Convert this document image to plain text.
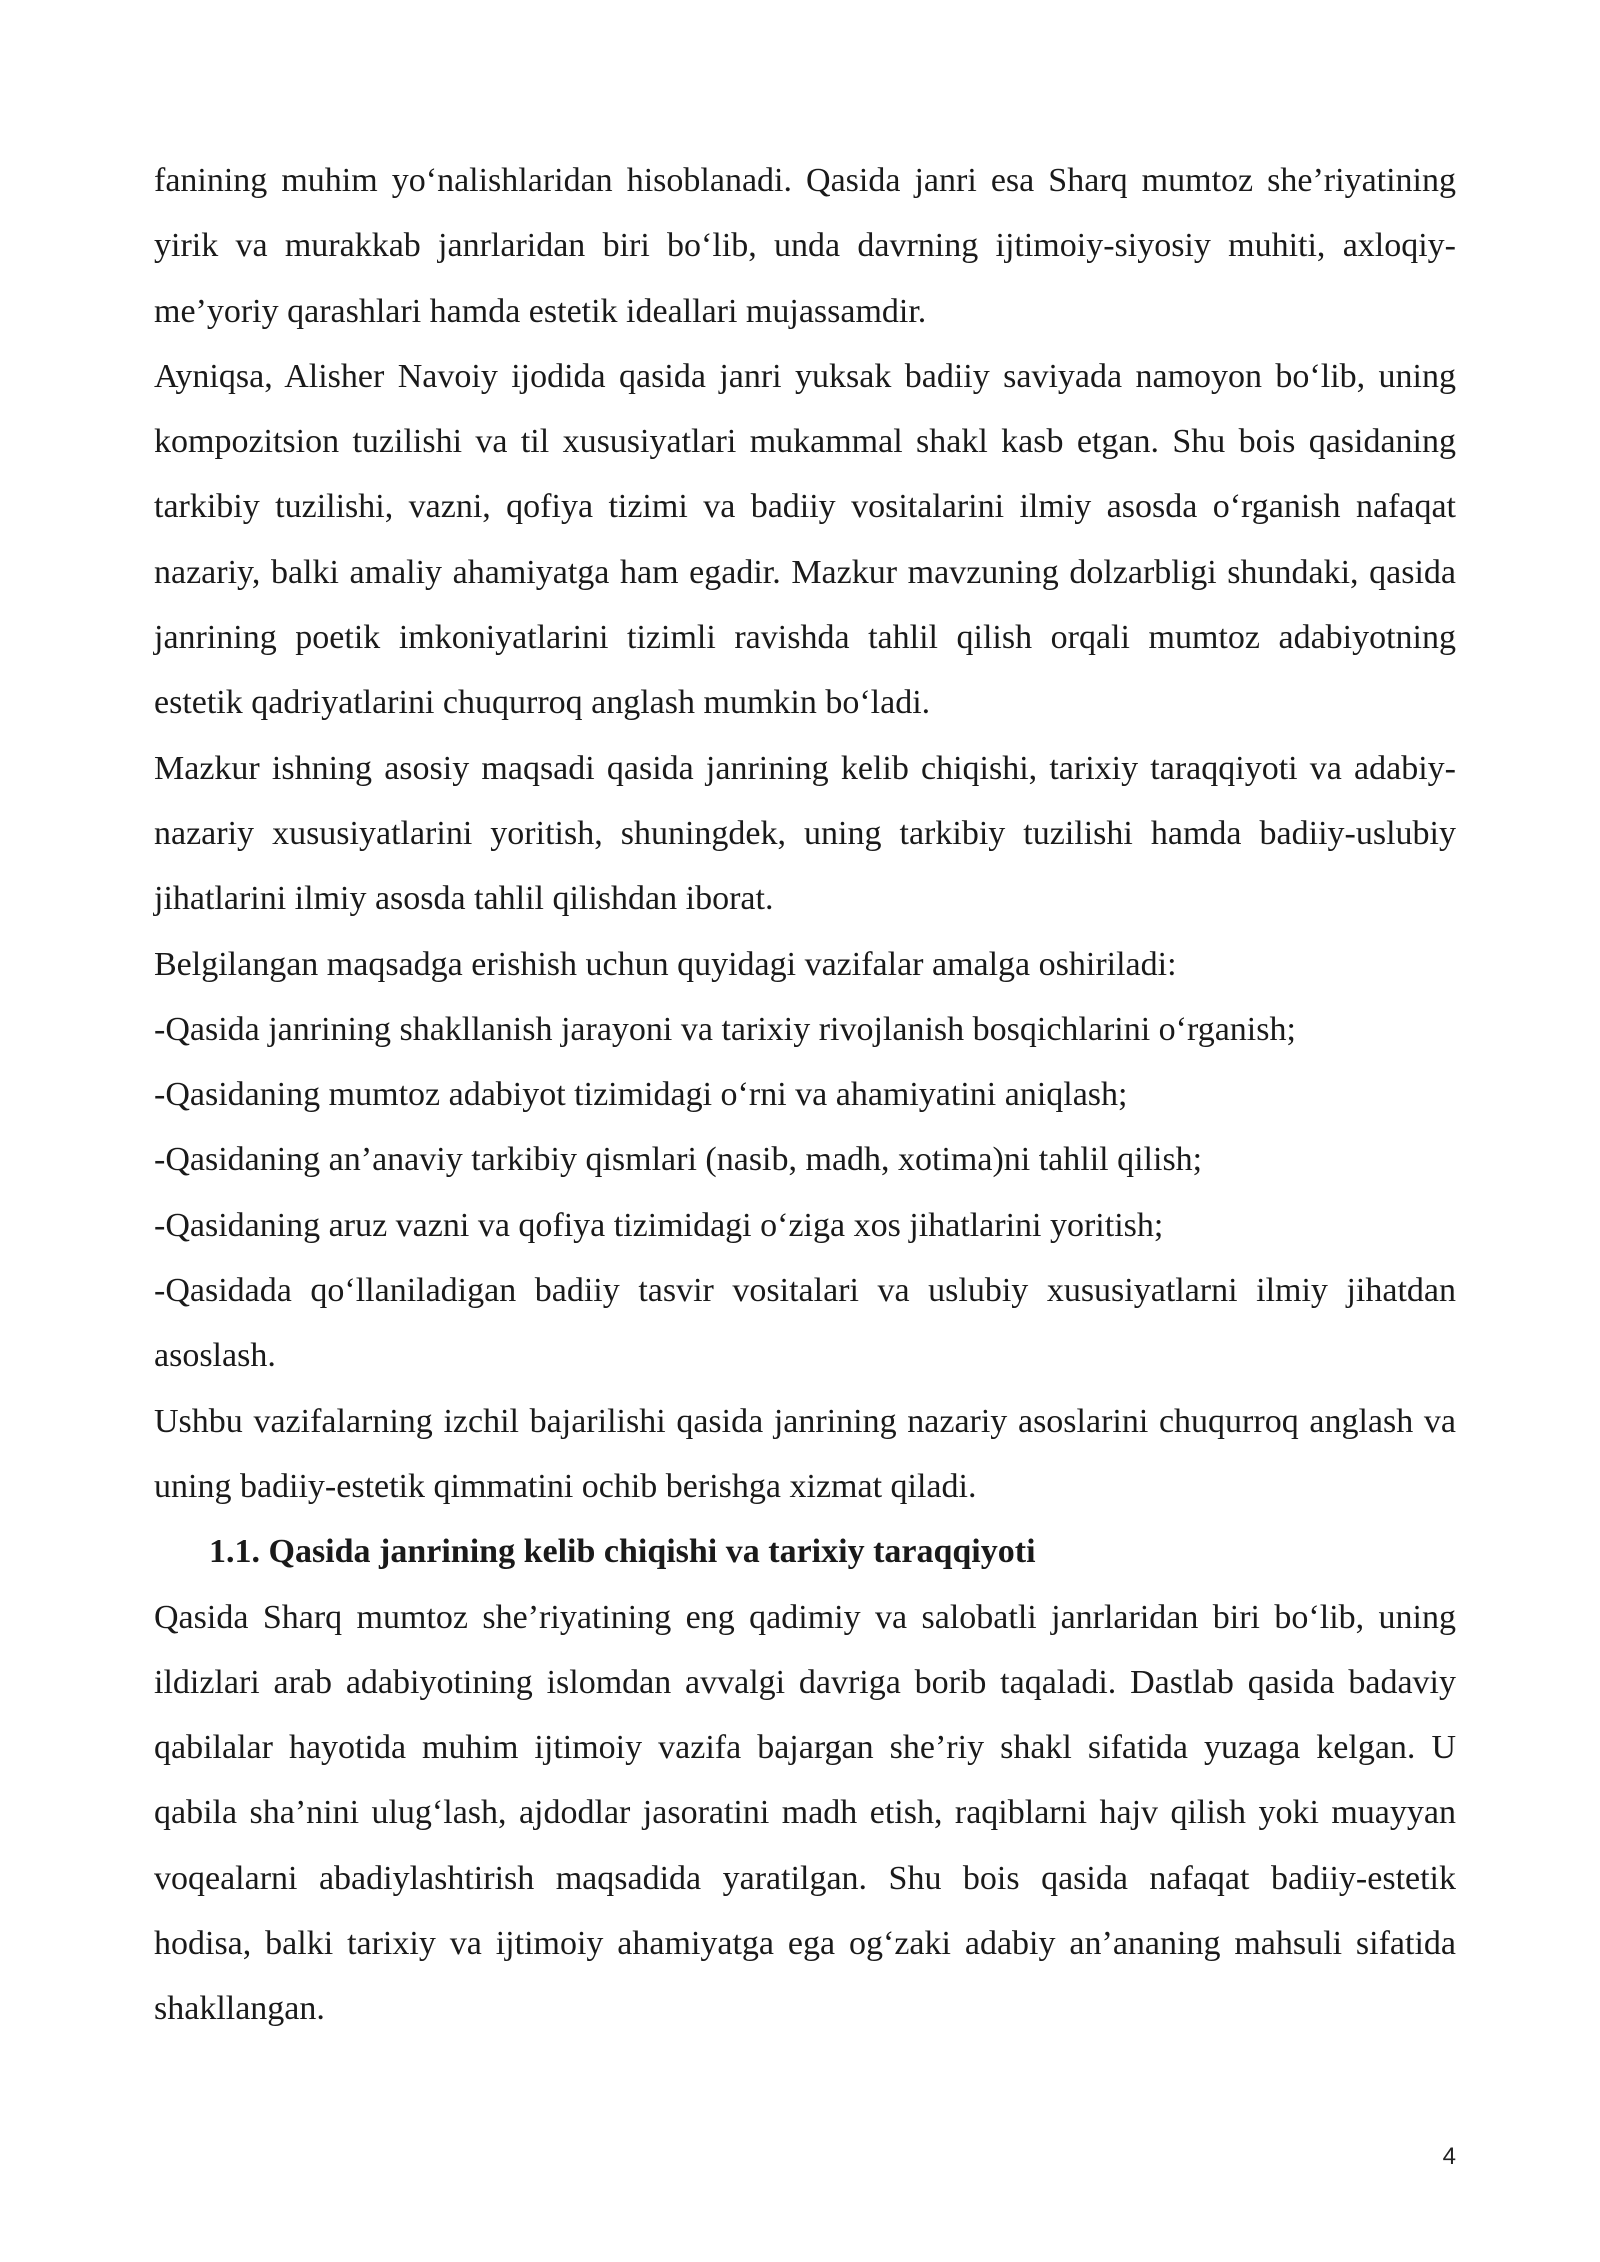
fanining muhim yo‘nalishlaridan hisoblanadi. Qasida janri esa Sharq mumtoz she’riyatining yirik va murakkab janrlaridan biri bo‘lib, unda davrning ijtimoiy-siyosiy muhiti, axloqiy-me’yoriy qarashlari hamda estetik ideallari mujassamdir.

Ayniqsa, Alisher Navoiy ijodida qasida janri yuksak badiiy saviyada namoyon bo‘lib, uning kompozitsion tuzilishi va til xususiyatlari mukammal shakl kasb etgan. Shu bois qasidaning tarkibiy tuzilishi, vazni, qofiya tizimi va badiiy vositalarini ilmiy asosda o‘rganish nafaqat nazariy, balki amaliy ahamiyatga ham egadir. Mazkur mavzuning dolzarbligi shundaki, qasida janrining poetik imkoniyatlarini tizimli ravishda tahlil qilish orqali mumtoz adabiyotning estetik qadriyatlarini chuqurroq anglash mumkin bo‘ladi.

Mazkur ishning asosiy maqsadi qasida janrining kelib chiqishi, tarixiy taraqqiyoti va adabiy-nazariy xususiyatlarini yoritish, shuningdek, uning tarkibiy tuzilishi hamda badiiy-uslubiy jihatlarini ilmiy asosda tahlil qilishdan iborat.

Belgilangan maqsadga erishish uchun quyidagi vazifalar amalga oshiriladi:

-Qasida janrining shakllanish jarayoni va tarixiy rivojlanish bosqichlarini o‘rganish;

-Qasidaning mumtoz adabiyot tizimidagi o‘rni va ahamiyatini aniqlash;

-Qasidaning an’anaviy tarkibiy qismlari (nasib, madh, xotima)ni tahlil qilish;

-Qasidaning aruz vazni va qofiya tizimidagi o‘ziga xos jihatlarini yoritish;

-Qasidada qo‘llaniladigan badiiy tasvir vositalari va uslubiy xususiyatlarni ilmiy jihatdan asoslash.

Ushbu vazifalarning izchil bajarilishi qasida janrining nazariy asoslarini chuqurroq anglash va uning badiiy-estetik qimmatini ochib berishga xizmat qiladi.

1.1. Qasida janrining kelib chiqishi va tarixiy taraqqiyoti

Qasida Sharq mumtoz she’riyatining eng qadimiy va salobatli janrlaridan biri bo‘lib, uning ildizlari arab adabiyotining islomdan avvalgi davriga borib taqaladi. Dastlab qasida badaviy qabilalar hayotida muhim ijtimoiy vazifa bajargan she’riy shakl sifatida yuzaga kelgan. U qabila sha’nini ulug‘lash, ajdodlar jasoratini madh etish, raqiblarni hajv qilish yoki muayyan voqealarni abadiylashtirish maqsadida yaratilgan. Shu bois qasida nafaqat badiiy-estetik hodisa, balki tarixiy va ijtimoiy ahamiyatga ega og‘zaki adabiy an’ananing mahsuli sifatida shakllangan.

4
